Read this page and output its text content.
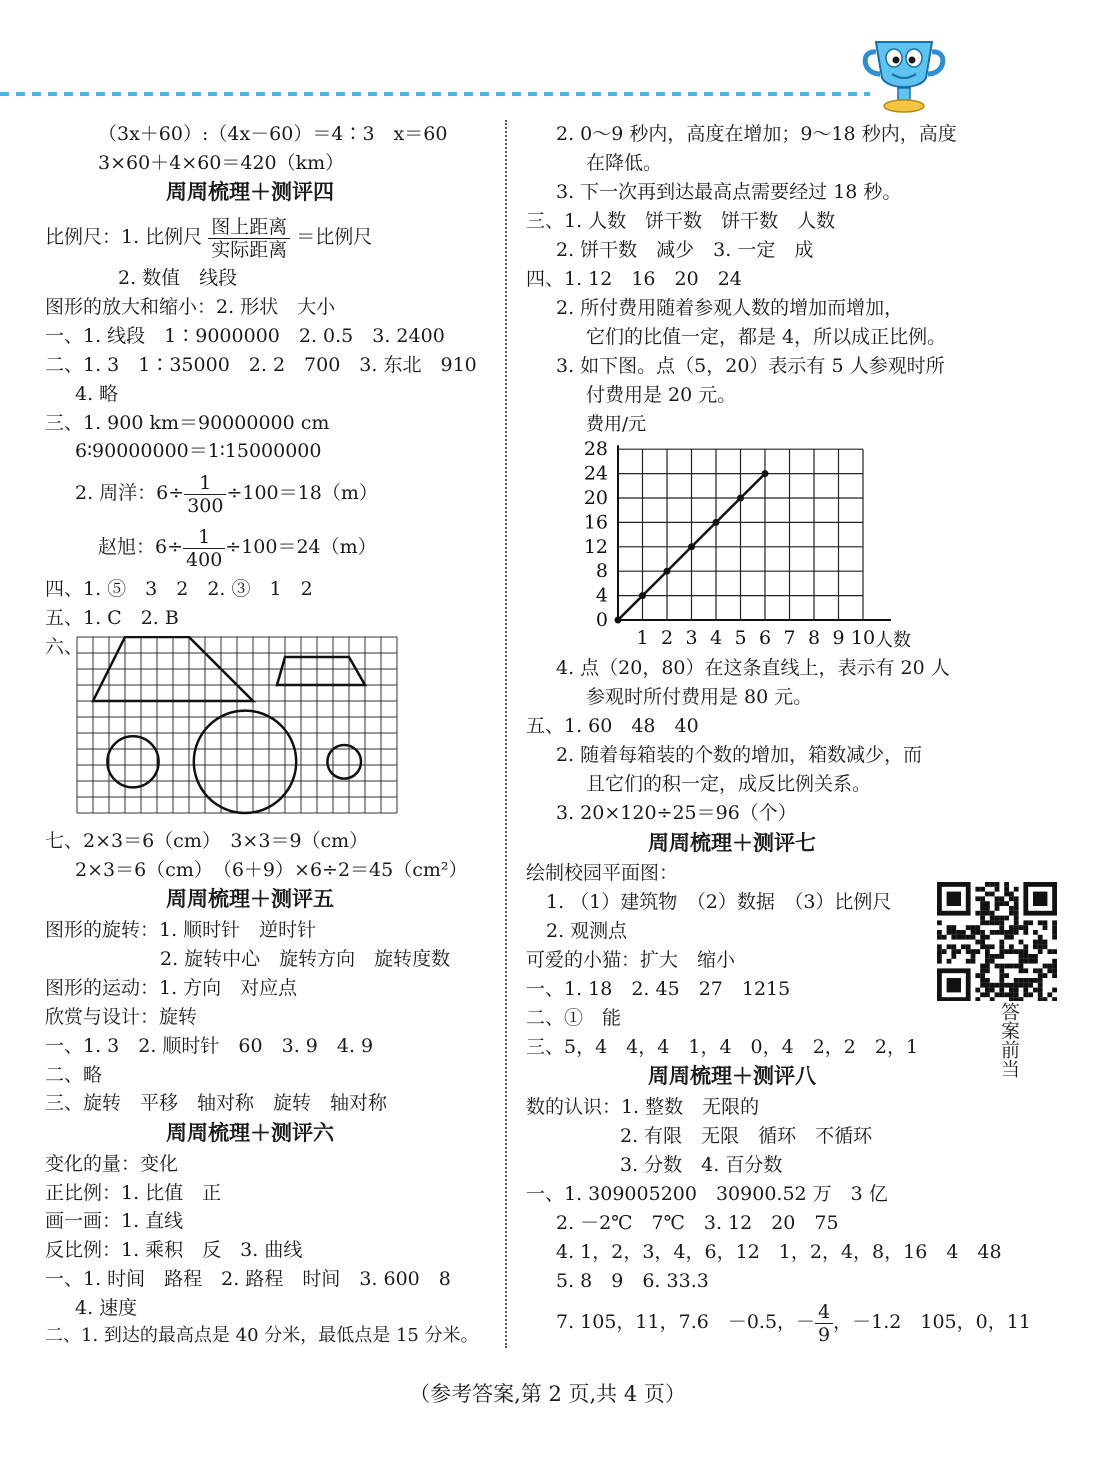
（3x＋60）:（4x－60）＝4∶3　x＝60
3×60＋4×60＝420（km）
周周梳理＋测评四
比例尺：1. 比例尺 $\frac{\text{图上距离}}{\text{实际距离}}$ ＝比例尺
2. 数值　线段
图形的放大和缩小：2. 形状　大小
一、1. 线段　1∶9000000　2. 0.5　3. 2400
二、1. 3　1∶35000　2. 2　700　3. 东北　910
4. 略
三、1. 900 km＝90000000 cm
6∶90000000＝1∶15000000
2. 周洋：$6\div \frac{1}{300} \div 100=18(m)$
赵旭：$6\div \frac{1}{400} \div 100=24(m)$
四、1. ⑤　3　2　2. ③　1　2
五、1. C　2. B
六、
七、2×3＝6（cm）　3×3＝9（cm）
2×3＝6（cm）　（6＋9）×6÷2＝45（cm²）
周周梳理＋测评五
图形的旋转：1. 顺时针　逆时针
2. 旋转中心　旋转方向　旋转度数
图形的运动：1. 方向　对应点
欣赏与设计：旋转
一、1. 3　2. 顺时针　60　3. 9　4. 9
二、略
三、旋转　平移　轴对称　旋转　轴对称
周周梳理＋测评六
变化的量：变化
正比例：1. 比值　正
画一画：1. 直线
反比例：1. 乘积　反　3. 曲线
一、1. 时间　路程　2. 路程　时间　3. 600　8
4. 速度
二、1. 到达的最高点是 40 分米，最低点是 15 分米。
2. 0～9 秒内，高度在增加；9～18 秒内，高度
在降低。
3. 下一次再到达最高点需要经过 18 秒。
三、1. 人数　饼干数　饼干数　人数
2. 饼干数　减少　3. 一定　成
四、1. 12　16　20　24
2. 所付费用随着参观人数的增加而增加，
它们的比值一定，都是 4，所以成正比例。
3. 如下图。点（5，20）表示有 5 人参观时所
付费用是 20 元。
0
4
8
12
16
20
24
28
1 2 3 4 5 6 7 8 9 10
费用/元
人数
4. 点（20，80）在这条直线上，表示有 20 人
参观时所付费用是 80 元。
五、1. 60　48　40
2. 随着每箱装的个数的增加，箱数减少，而
且它们的积一定，成反比例关系。
3. 20×120÷25＝96（个）
周周梳理＋测评七
绘制校园平面图：
1. （1）建筑物　（2）数据　（3）比例尺
2. 观测点
可爱的小猫：扩大　缩小
一、1. 18　2. 45　27　1215
二、①　能
三、5，4　4，4　1，4　0，4　2，2　2，1	答案前当
周周梳理＋测评八
数的认识：1. 整数　无限的
2. 有限　无限　循环　不循环
3. 分数　4. 百分数
一、1. 309005200　30900.52 万　3 亿
2. －2℃　7℃　3. 12　20　75
4. 1，2，3，4，6，12　1，2，4，8，16　4　48
5. 8　9　6. 33.3
7. 105，11，7.6　－0.5，－ $\frac{4}{9}$ ，－1.2　105，0，11
（参考答案,第 2 页,共 4 页）
